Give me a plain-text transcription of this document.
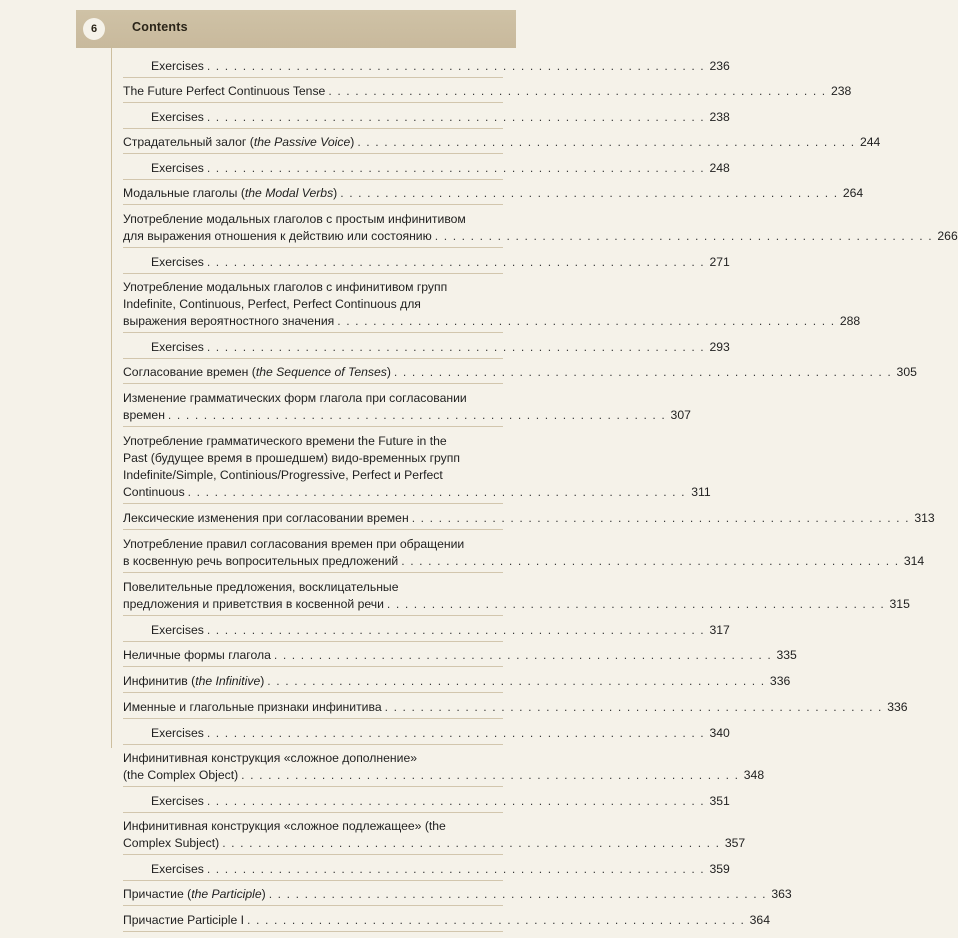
Contents
6
Exercises . . . . . . . . . . . . . . . . . . . . . . . . . . . . . . . . . . . . . . . . . . . . . . . . . . . . . . . . 236
The Future Perfect Continuous Tense . . . . . . . . . . . . . . . . . . . . . . . . . . . . . . . . . . . . . . . . . . . . . . . . . . . . . . . . 238
Exercises . . . . . . . . . . . . . . . . . . . . . . . . . . . . . . . . . . . . . . . . . . . . . . . . . . . . . . . . 238
Страдательный залог (the Passive Voice) . . . . . . . . . . . . . . . . . . . . . . . . . . . . . . . . . . . . . . . . . . . . . . . . . . . . . . . . 244
Exercises . . . . . . . . . . . . . . . . . . . . . . . . . . . . . . . . . . . . . . . . . . . . . . . . . . . . . . . . 248
Модальные глаголы (the Modal Verbs) . . . . . . . . . . . . . . . . . . . . . . . . . . . . . . . . . . . . . . . . . . . . . . . . . . . . . . . . 264
Употребление модальных глаголов с простым инфинитивом
для выражения отношения к действию или состоянию . . . . . . . . . . . . . . . . . . . . . . . . . . . . . . . . . . . . . . . . . . . . . . . . . . . . . . . . 266
Exercises . . . . . . . . . . . . . . . . . . . . . . . . . . . . . . . . . . . . . . . . . . . . . . . . . . . . . . . . 271
Употребление модальных глаголов с инфинитивом групп
Indefinite, Continuous, Perfect, Perfect Continuous для
выражения вероятностного значения . . . . . . . . . . . . . . . . . . . . . . . . . . . . . . . . . . . . . . . . . . . . . . . . . . . . . . . . 288
Exercises . . . . . . . . . . . . . . . . . . . . . . . . . . . . . . . . . . . . . . . . . . . . . . . . . . . . . . . . 293
Согласование времен (the Sequence of Tenses) . . . . . . . . . . . . . . . . . . . . . . . . . . . . . . . . . . . . . . . . . . . . . . . . . . . . . . . . 305
Изменение грамматических форм глагола при согласовании
времен . . . . . . . . . . . . . . . . . . . . . . . . . . . . . . . . . . . . . . . . . . . . . . . . . . . . . . . . 307
Употребление грамматического времени the Future in the
Past (будущее время в прошедшем) видо-временных групп
Indefinite/Simple, Continious/Progressive, Perfect и Perfect
Continuous . . . . . . . . . . . . . . . . . . . . . . . . . . . . . . . . . . . . . . . . . . . . . . . . . . . . . . . . 311
Лексические изменения при согласовании времен . . . . . . . . . . . . . . . . . . . . . . . . . . . . . . . . . . . . . . . . . . . . . . . . . . . . . . . . 313
Употребление правил согласования времен при обращении
в косвенную речь вопросительных предложений . . . . . . . . . . . . . . . . . . . . . . . . . . . . . . . . . . . . . . . . . . . . . . . . . . . . . . . . 314
Повелительные предложения, восклицательные
предложения и приветствия в косвенной речи . . . . . . . . . . . . . . . . . . . . . . . . . . . . . . . . . . . . . . . . . . . . . . . . . . . . . . . . 315
Exercises . . . . . . . . . . . . . . . . . . . . . . . . . . . . . . . . . . . . . . . . . . . . . . . . . . . . . . . . 317
Неличные формы глагола . . . . . . . . . . . . . . . . . . . . . . . . . . . . . . . . . . . . . . . . . . . . . . . . . . . . . . . . 335
Инфинитив (the Infinitive) . . . . . . . . . . . . . . . . . . . . . . . . . . . . . . . . . . . . . . . . . . . . . . . . . . . . . . . . 336
Именные и глагольные признаки инфинитива . . . . . . . . . . . . . . . . . . . . . . . . . . . . . . . . . . . . . . . . . . . . . . . . . . . . . . . . 336
Exercises . . . . . . . . . . . . . . . . . . . . . . . . . . . . . . . . . . . . . . . . . . . . . . . . . . . . . . . . 340
Инфинитивная конструкция «сложное дополнение»
(the Complex Object) . . . . . . . . . . . . . . . . . . . . . . . . . . . . . . . . . . . . . . . . . . . . . . . . . . . . . . . . 348
Exercises . . . . . . . . . . . . . . . . . . . . . . . . . . . . . . . . . . . . . . . . . . . . . . . . . . . . . . . . 351
Инфинитивная конструкция «сложное подлежащее» (the
Complex Subject) . . . . . . . . . . . . . . . . . . . . . . . . . . . . . . . . . . . . . . . . . . . . . . . . . . . . . . . . 357
Exercises . . . . . . . . . . . . . . . . . . . . . . . . . . . . . . . . . . . . . . . . . . . . . . . . . . . . . . . . 359
Причастие (the Participle) . . . . . . . . . . . . . . . . . . . . . . . . . . . . . . . . . . . . . . . . . . . . . . . . . . . . . . . . 363
Причастие Participle I . . . . . . . . . . . . . . . . . . . . . . . . . . . . . . . . . . . . . . . . . . . . . . . . . . . . . . . . 364
